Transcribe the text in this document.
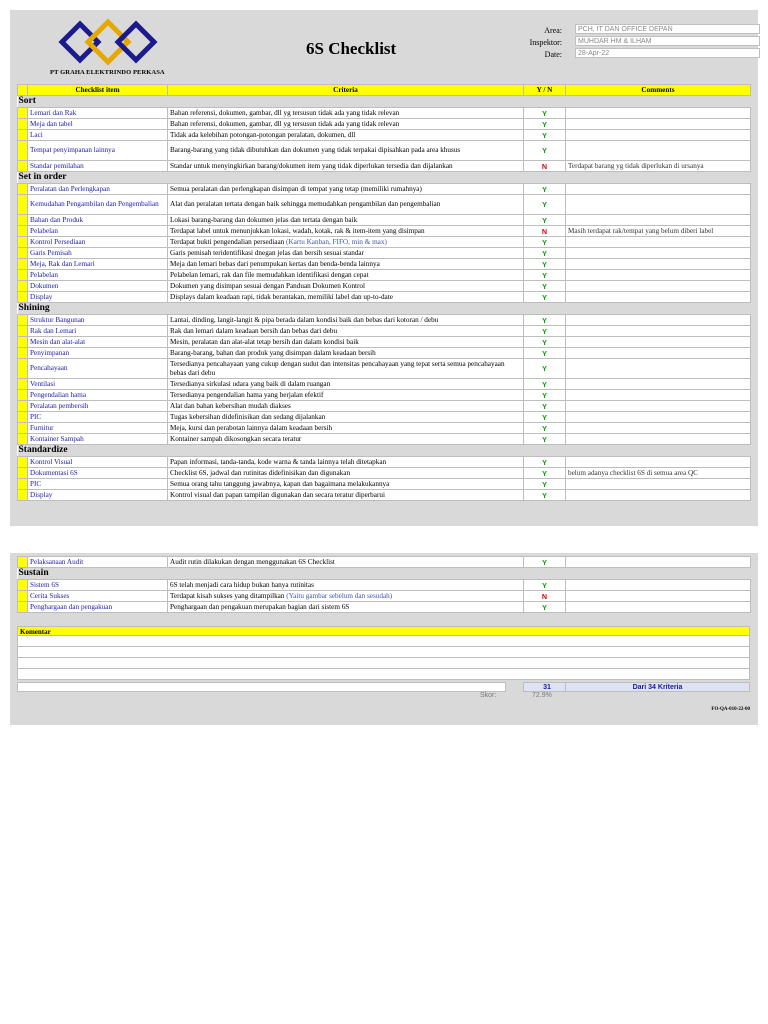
PT GRAHA ELEKTRINDO PERKASA
6S Checklist
Area:	PCH, IT DAN OFFICE DEPAN
Inspektor:	MUHDAR HM & ILHAM
Date:	28-Apr-22
	Checklist item	Criteria	Y / N	Comments
Sort				
	Lemari dan Rak	Bahan referensi, dokumen, gambar, dll yg tersusun tidak ada yang tidak relevan	Y	
	Meja dan tabel	Bahan referensi, dokumen, gambar, dll yg tersusun tidak ada yang tidak relevan	Y	
	Laci	Tidak ada kelebihan potongan-potongan peralatan, dokumen, dll	Y	
	Tempat penyimpanan lainnya	Barang-barang yang tidak dibutuhkan dan dokumen yang tidak terpakai dipisahkan pada area khusus	Y	
	Standar pemilahan	Standar untuk menyingkirkan barang/dokumen item yang tidak diperlukan tersedia dan dijalankan	N	Terdapat barang yg tidak diperlukan di ursanya
Set in order				
	Peralatan dan Perlengkapan	Semua peralatan dan perlengkapan disimpan di tempat yang tetap (memiliki rumahnya)	Y	
	Kemudahan Pengambilan dan Pengembalian	Alat dan peralatan tertata dengan baik sehingga memudahkan pengambilan dan pengembalian	Y	
	Bahan dan Produk	Lokasi barang-barang dan dokumen jelas dan tertata dengan baik	Y	
	Pelabelan	Terdapat label untuk menunjukkan lokasi, wadah, kotak, rak & item-item yang disimpan	N	Masih terdapat rak/tempat yang belum diberi label
	Kontrol Persediaan	Terdapat bukti pengendalian persediaan (Kartu Kanban, FIFO, min & max)	Y	
	Garis Pemisah	Garis pemisah teridentifikasi dnegan jelas dan bersih sesuai standar	Y	
	Meja, Rak dan Lemari	Meja dan lemari bebas dari penumpukan kertas dan benda-benda lainnya	Y	
	Pelabelan	Pelabelan lemari, rak dan file memudahkan identifikasi dengan cepat	Y	
	Dokumen	Dokumen yang disimpan sesuai dengan Panduan Dokumen Kontrol	Y	
	Display	Displays dalam keadaan rapi, tidak berantakan, memiliki label dan up-to-date	Y	
Shining				
	Struktur Bangunan	Lantai, dinding, langit-langit & pipa berada dalam kondisi baik dan bebas dari kotoran / debu	Y	
	Rak dan Lemari	Rak dan lemari dalam keadaan bersih dan bebas dari debu	Y	
	Mesin dan alat-alat	Mesin, peralatan dan alat-alat tetap bersih dan dalam kondisi baik	Y	
	Penyimpanan	Barang-barang, bahan dan produk yang disimpan dalam keadaan bersih	Y	
	Pencahayaan	Tersedianya pencahayaan yang cukup dengan sudut dan intensitas pencahayaan yang tepat serta semua pencahayaan bebas dari debu	Y	
	Ventilasi	Tersedianya sirkulasi udara yang baik di dalam ruangan	Y	
	Pengendalian hama	Tersedianya pengendalian hama yang berjalan efektif	Y	
	Peralatan pembersih	Alat dan bahan kebersihan mudah diakses	Y	
	PIC	Tugas kebersihan didefinisikan dan sedang dijalankan	Y	
	Furnitur	Meja, kursi dan perabotan lainnya dalam keadaan bersih	Y	
	Kontainer Sampah	Kontainer sampah dikosongkan secara teratur	Y	
Standardize				
	Kontrol Visual	Papan informasi, tanda-tanda, kode warna & tanda lainnya telah ditetapkan	Y	
	Dokumentasi 6S	Checklist 6S, jadwal dan rutinitas didefinisikan dan digunakan	Y	belum adanya checklist 6S di semua area QC
	PIC	Semua orang tahu tanggung jawabnya, kapan dan bagaimana melakukannya	Y	
	Display	Kontrol visual dan papan tampilan digunakan dan secara teratur diperbarui	Y	
	Pelaksanaan Audit	Audit rutin dilakukan dengan menggunakan 6S Checklist	Y	
Sustain				
	Sistem 6S	6S telah menjadi cara hidup bukan hanya rutinitas	Y	
	Cerita Sukses	Terdapat kisah sukses yang ditampilkan (Yaitu gambar sebelum dan sesudah)	N	
	Penghargaan dan pengakuan	Penghargaan dan pengakuan merupakan bagian dari sistem 6S	Y	
Komentar
31	Dari 34 Kriteria
Skor:	72.9%
FO-QA-010-22-00
